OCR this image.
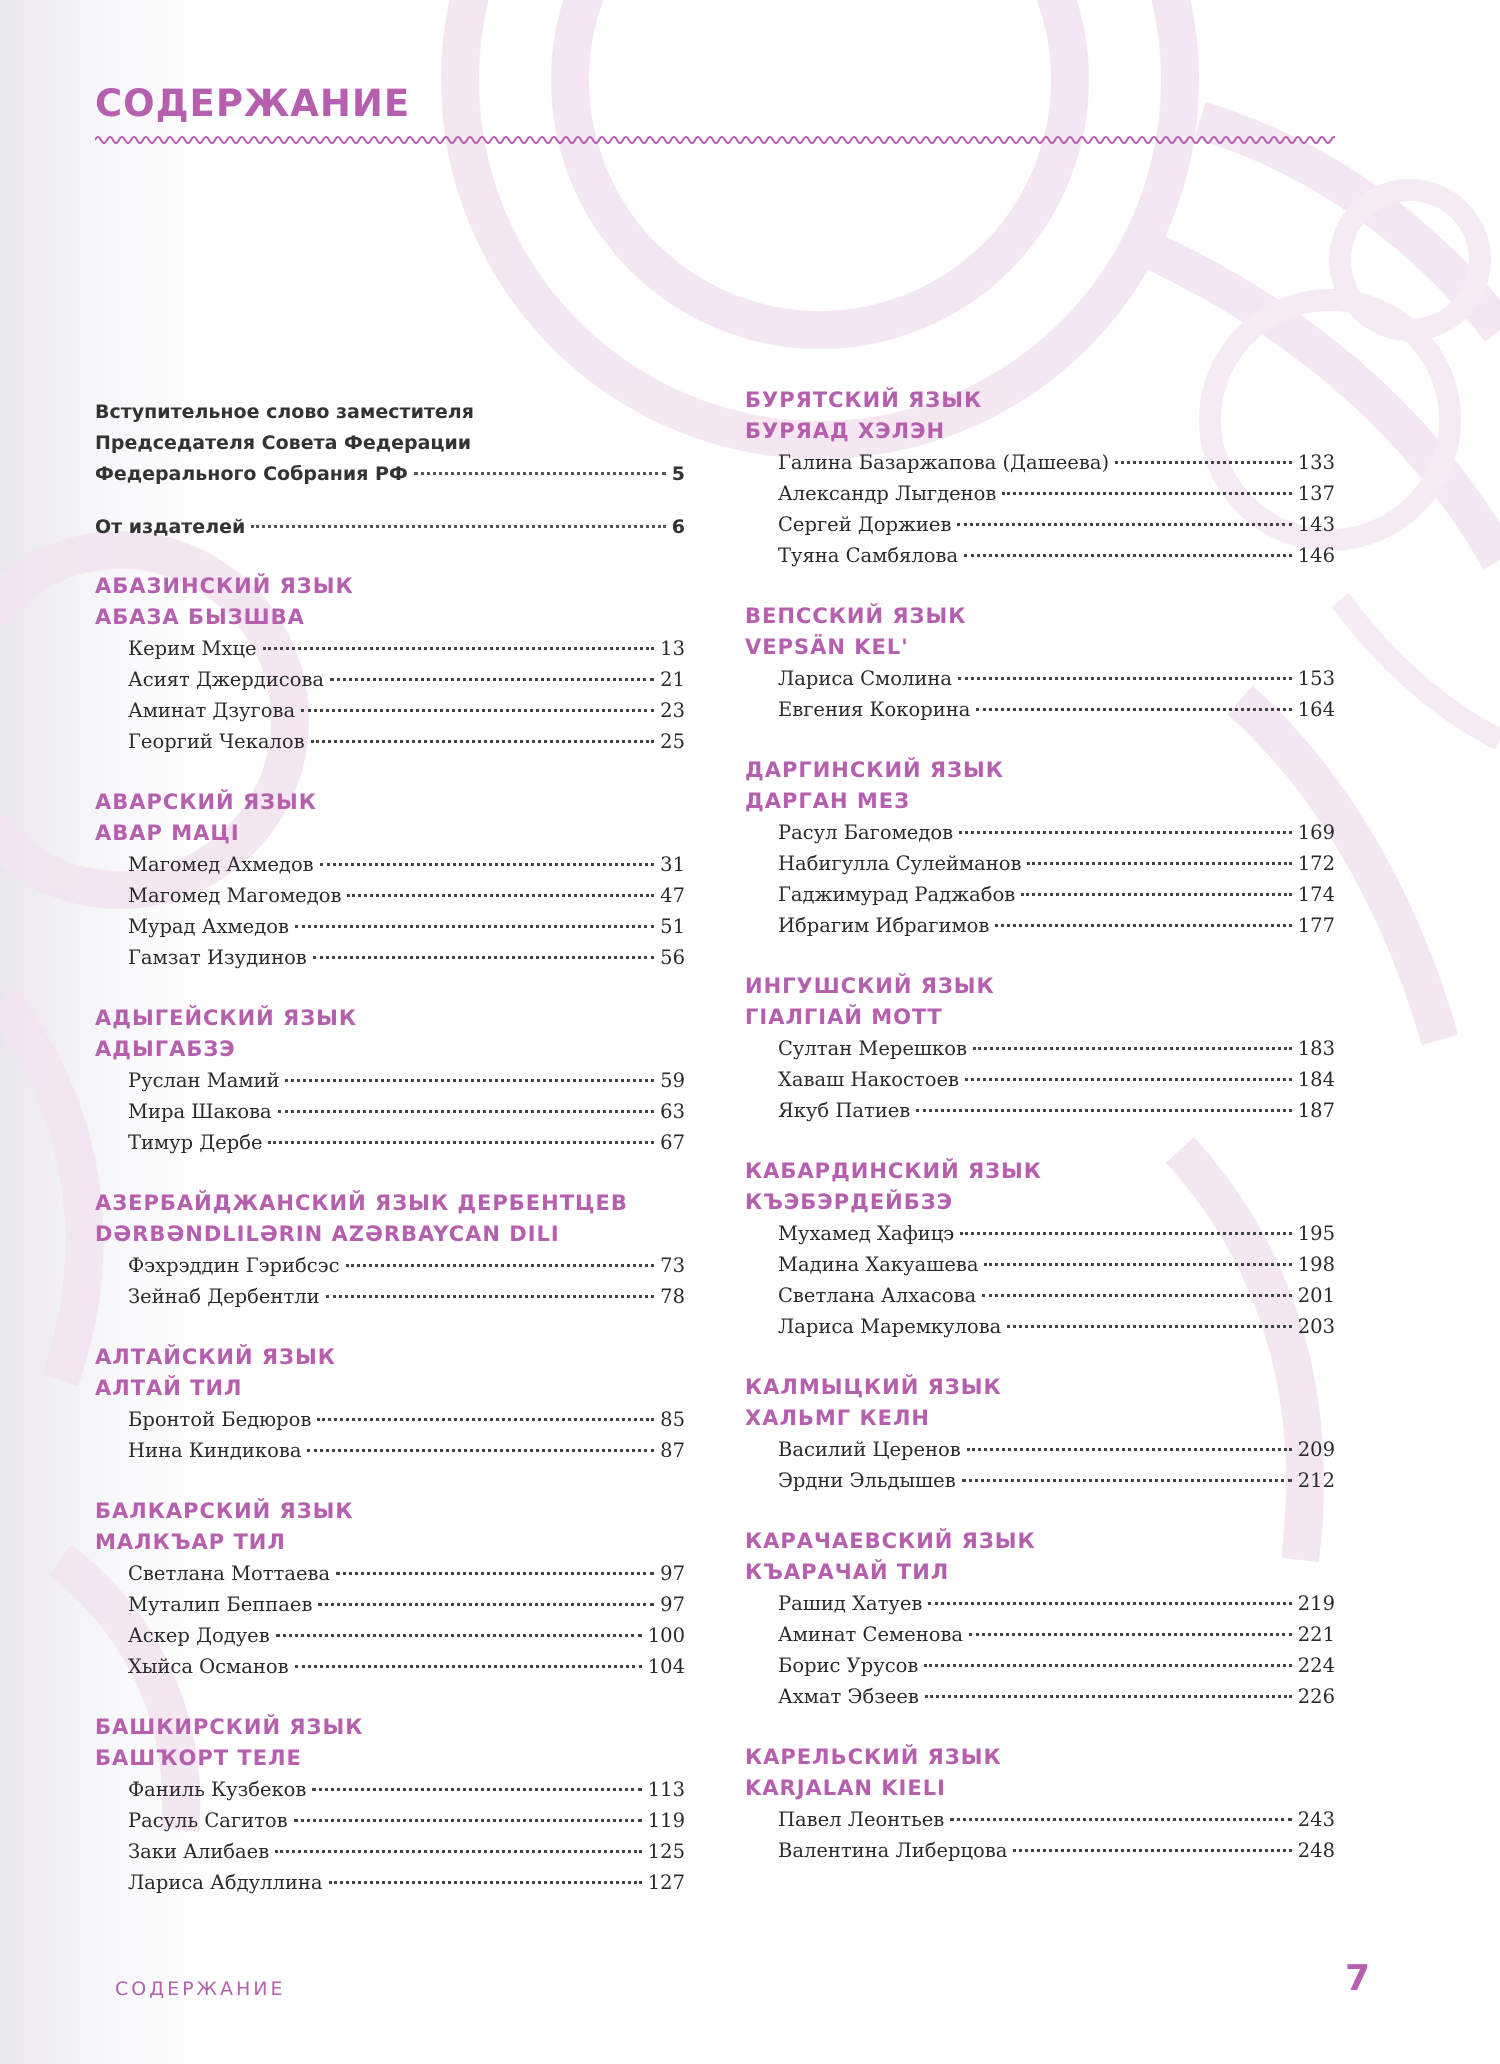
СОДЕРЖАНИЕ
Вступительное слово заместителя
Председателя Совета Федерации
Федерального Собрания РФ	5
От издателей	6
АБАЗИНСКИЙ ЯЗЫК
АБАЗА БЫЗШВА
Керим Мхце	13
Асият Джердисова	21
Аминат Дзугова	23
Георгий Чекалов	25
АВАРСКИЙ ЯЗЫК
АВАР МАЦІ
Магомед Ахмедов	31
Магомед Магомедов	47
Мурад Ахмедов	51
Гамзат Изудинов	56
АДЫГЕЙСКИЙ ЯЗЫК
АДЫГАБЗЭ
Руслан Мамий	59
Мира Шакова	63
Тимур Дербе	67
АЗЕРБАЙДЖАНСКИЙ ЯЗЫК ДЕРБЕНТЦЕВ
DƏRBƏNDLILƏRIN AZƏRBAYCAN DILI
Фэхрэддин Гэрибсэс	73
Зейнаб Дербентли	78
АЛТАЙСКИЙ ЯЗЫК
АЛТАЙ ТИЛ
Бронтой Бедюров	85
Нина Киндикова	87
БАЛКАРСКИЙ ЯЗЫК
МАЛКЪАР ТИЛ
Светлана Моттаева	97
Муталип Беппаев	97
Аскер Додуев	100
Хыйса Османов	104
БАШКИРСКИЙ ЯЗЫК
БАШҠОРТ ТЕЛЕ
Фаниль Кузбеков	113
Расуль Сагитов	119
Заки Алибаев	125
Лариса Абдуллина	127
БУРЯТСКИЙ ЯЗЫК
БУРЯАД ХЭЛЭН
Галина Базаржапова (Дашеева)	133
Александр Лыгденов	137
Сергей Доржиев	143
Туяна Самбялова	146
ВЕПССКИЙ ЯЗЫК
VEPSÄN KEL'
Лариса Смолина	153
Евгения Кокорина	164
ДАРГИНСКИЙ ЯЗЫК
ДАРГАН МЕЗ
Расул Багомедов	169
Набигулла Сулейманов	172
Гаджимурад Раджабов	174
Ибрагим Ибрагимов	177
ИНГУШСКИЙ ЯЗЫК
ГІАЛГІАЙ МОТТ
Султан Мерешков	183
Хаваш Накостоев	184
Якуб Патиев	187
КАБАРДИНСКИЙ ЯЗЫК
КЪЭБЭРДЕЙБЗЭ
Мухамед Хафицэ	195
Мадина Хакуашева	198
Светлана Алхасова	201
Лариса Маремкулова	203
КАЛМЫЦКИЙ ЯЗЫК
ХАЛЬМГ КЕЛН
Василий Церенов	209
Эрдни Эльдышев	212
КАРАЧАЕВСКИЙ ЯЗЫК
КЪАРАЧАЙ ТИЛ
Рашид Хатуев	219
Аминат Семенова	221
Борис Урусов	224
Ахмат Эбзеев	226
КАРЕЛЬСКИЙ ЯЗЫК
KARJALAN KIELI
Павел Леонтьев	243
Валентина Либерцова	248
СОДЕРЖАНИЕ	7
